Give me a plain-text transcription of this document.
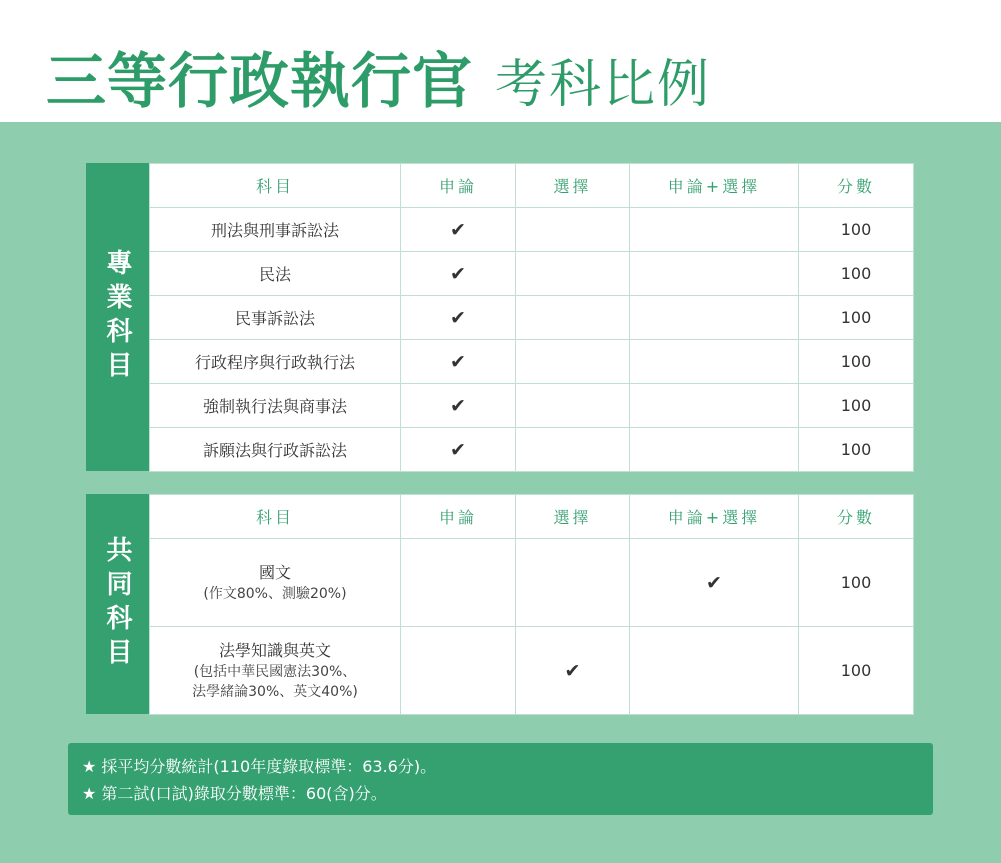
三等行政執行官 考科比例
專業科目
科目	申論	選擇	申論+選擇	分數
刑法與刑事訴訟法	✔			100
民法	✔			100
民事訴訟法	✔			100
行政程序與行政執行法	✔			100
強制執行法與商事法	✔			100
訴願法與行政訴訟法	✔			100
共同科目
科目	申論	選擇	申論+選擇	分數

國文
(作文80%、測驗20%)			✔	100

法學知識與英文
(包括中華民國憲法30%、
法學緒論30%、英文40%)		✔		100
★ 採平均分數統計(110年度錄取標準：63.6分)。
★ 第二試(口試)錄取分數標準：60(含)分。
